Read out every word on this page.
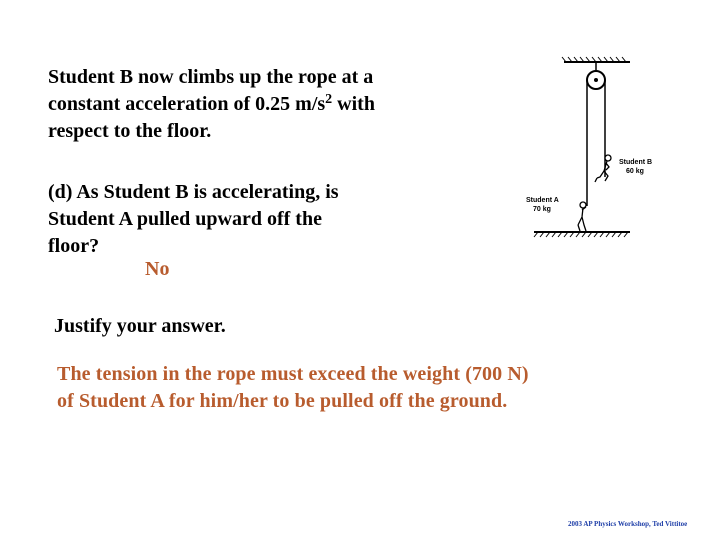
Student B now climbs up the rope at a
constant acceleration of 0.25 $m/s^2$ with
respect to the floor.
(d) As Student B is accelerating, is
Student A pulled upward off the
floor?
No
Justify your answer.
The tension in the rope must exceed the weight (700 N)
of Student A for him/her to be pulled off the ground.
Student B
60 kg
Student A
70 kg
2003 AP Physics Workshop, Ted Vittitoe
